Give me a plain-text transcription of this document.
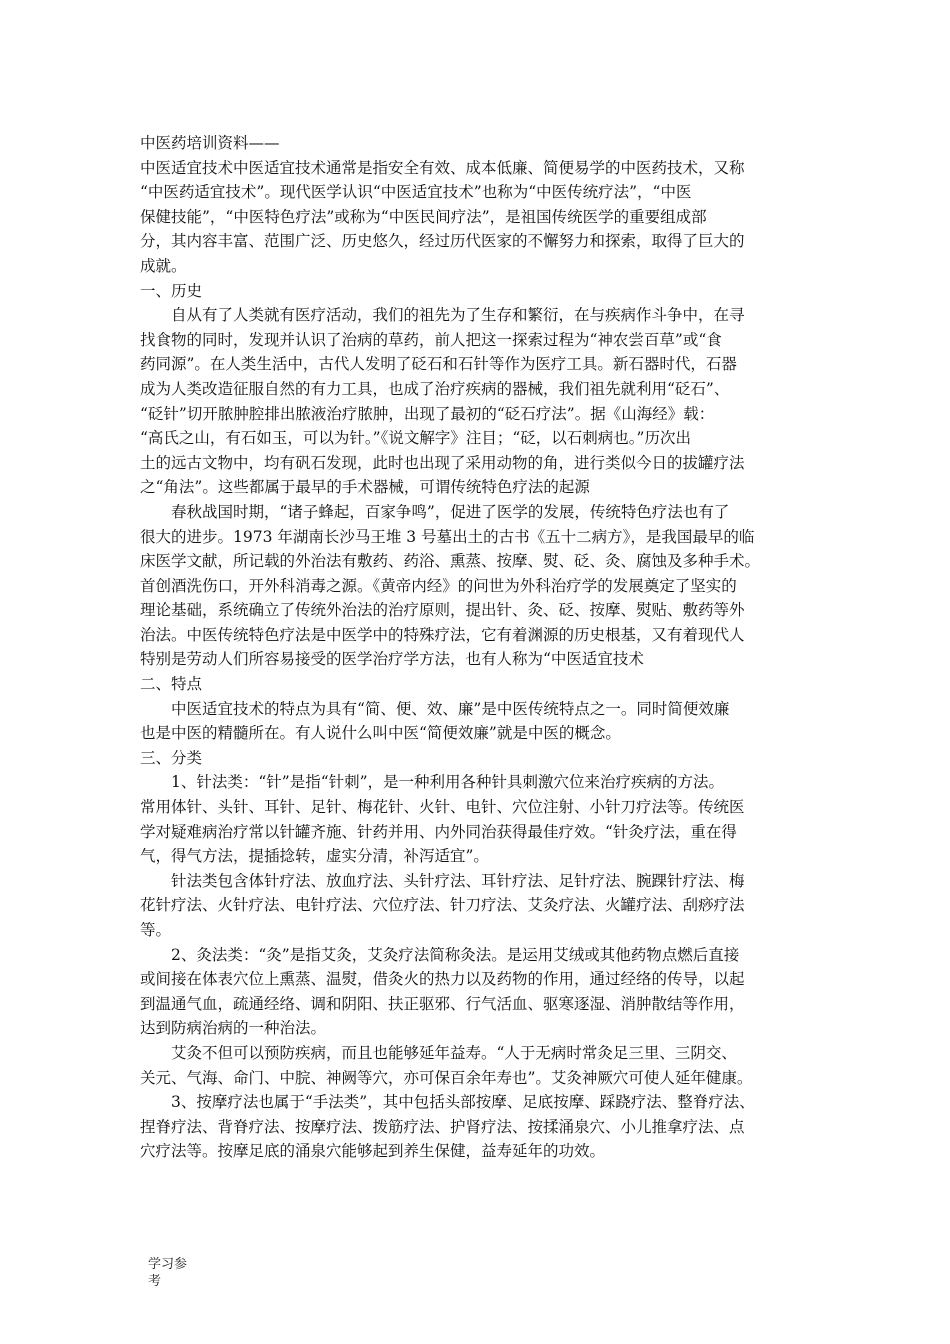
中医药培训资料——
中医适宜技术中医适宜技术通常是指安全有效、成本低廉、简便易学的中医药技术，又称
“中医药适宜技术”。现代医学认识“中医适宜技术”也称为“中医传统疗法”，“中医
保健技能”，“中医特色疗法”或称为“中医民间疗法”，是祖国传统医学的重要组成部
分，其内容丰富、范围广泛、历史悠久，经过历代医家的不懈努力和探索，取得了巨大的
成就。
一、历史
自从有了人类就有医疗活动，我们的祖先为了生存和繁衍，在与疾病作斗争中，在寻
找食物的同时，发现并认识了治病的草药，前人把这一探索过程为“神农尝百草”或“食
药同源”。在人类生活中，古代人发明了砭石和石针等作为医疗工具。新石器时代，石器
成为人类改造征服自然的有力工具，也成了治疗疾病的器械，我们祖先就利用“砭石”、
“砭针”切开脓肿腔排出脓液治疗脓肿，出现了最初的“砭石疗法”。据《山海经》载：
“高氏之山，有石如玉，可以为针。”《说文解字》注目；“砭，以石刺病也。”历次出
土的远古文物中，均有矾石发现，此时也出现了采用动物的角，进行类似今日的拔罐疗法
之“角法”。这些都属于最早的手术器械，可谓传统特色疗法的起源
春秋战国时期，“诸子蜂起，百家争鸣”，促进了医学的发展，传统特色疗法也有了
很大的进步。1973 年湖南长沙马王堆 3 号墓出土的古书《五十二病方》，是我国最早的临
床医学文献，所记载的外治法有敷药、药浴、熏蒸、按摩、熨、砭、灸、腐蚀及多种手术。
首创酒洗伤口，开外科消毒之源。《黄帝内经》的问世为外科治疗学的发展奠定了坚实的
理论基础，系统确立了传统外治法的治疗原则，提出针、灸、砭、按摩、熨贴、敷药等外
治法。中医传统特色疗法是中医学中的特殊疗法，它有着渊源的历史根基，又有着现代人
特别是劳动人们所容易接受的医学治疗学方法，也有人称为“中医适宜技术
二、特点
中医适宜技术的特点为具有“简、便、效、廉”是中医传统特点之一。同时简便效廉
也是中医的精髓所在。有人说什么叫中医“简便效廉”就是中医的概念。
三、分类
1、针法类：“针”是指“针刺”，是一种利用各种针具刺激穴位来治疗疾病的方法。
常用体针、头针、耳针、足针、梅花针、火针、电针、穴位注射、小针刀疗法等。传统医
学对疑难病治疗常以针罐齐施、针药并用、内外同治获得最佳疗效。“针灸疗法，重在得
气，得气方法，提插捻转，虚实分清，补泻适宜”。
针法类包含体针疗法、放血疗法、头针疗法、耳针疗法、足针疗法、腕踝针疗法、梅
花针疗法、火针疗法、电针疗法、穴位疗法、针刀疗法、艾灸疗法、火罐疗法、刮痧疗法
等。
2、灸法类：“灸”是指艾灸，艾灸疗法简称灸法。是运用艾绒或其他药物点燃后直接
或间接在体表穴位上熏蒸、温熨，借灸火的热力以及药物的作用，通过经络的传导，以起
到温通气血，疏通经络、调和阴阳、扶正驱邪、行气活血、驱寒逐湿、消肿散结等作用，
达到防病治病的一种治法。
艾灸不但可以预防疾病，而且也能够延年益寿。“人于无病时常灸足三里、三阴交、
关元、气海、命门、中脘、神阙等穴，亦可保百余年寿也”。艾灸神厥穴可使人延年健康。
3、按摩疗法也属于“手法类”，其中包括头部按摩、足底按摩、踩跷疗法、整脊疗法、
捏脊疗法、背脊疗法、按摩疗法、拨筋疗法、护肾疗法、按揉涌泉穴、小儿推拿疗法、点
穴疗法等。按摩足底的涌泉穴能够起到养生保健，益寿延年的功效。
学习参
考
